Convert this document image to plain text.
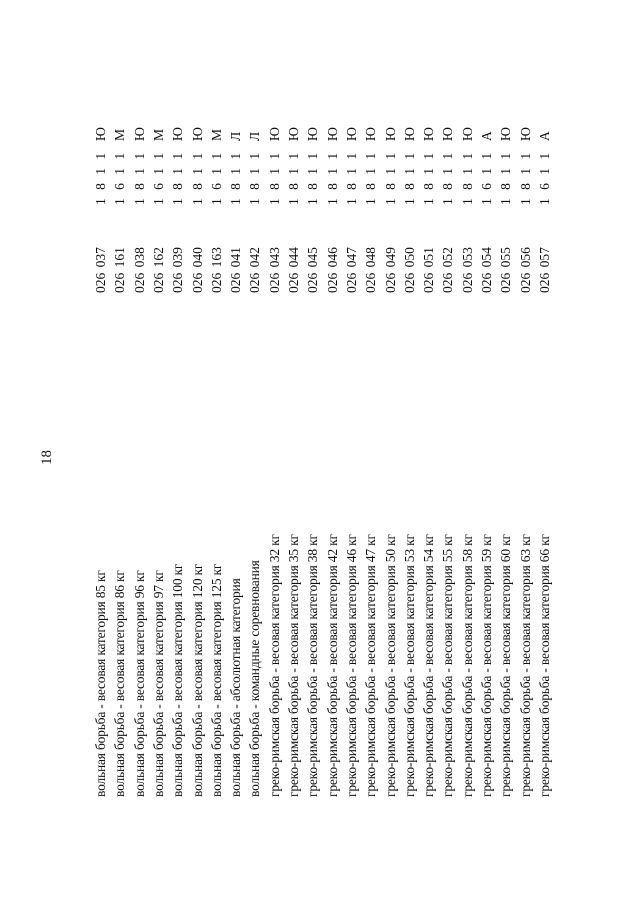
18
вольная борьба - весовая категория 85 кг
026 037
1 8 1 1
Ю
вольная борьба - весовая категория 86 кг
026 161
1 6 1 1
М
вольная борьба - весовая категория 96 кг
026 038
1 8 1 1
Ю
вольная борьба - весовая категория 97 кг
026 162
1 6 1 1
М
вольная борьба - весовая категория 100 кг
026 039
1 8 1 1
Ю
вольная борьба - весовая категория 120 кг
026 040
1 8 1 1
Ю
вольная борьба - весовая категория 125 кг
026 163
1 6 1 1
М
вольная борьба - абсолютная категория
026 041
1 8 1 1
Л
вольная борьба - командные соревнования
026 042
1 8 1 1
Л
греко-римская борьба - весовая категория 32 кг
026 043
1 8 1 1
Ю
греко-римская борьба - весовая категория 35 кг
026 044
1 8 1 1
Ю
греко-римская борьба - весовая категория 38 кг
026 045
1 8 1 1
Ю
греко-римская борьба - весовая категория 42 кг
026 046
1 8 1 1
Ю
греко-римская борьба - весовая категория 46 кг
026 047
1 8 1 1
Ю
греко-римская борьба - весовая категория 47 кг
026 048
1 8 1 1
Ю
греко-римская борьба - весовая категория 50 кг
026 049
1 8 1 1
Ю
греко-римская борьба - весовая категория 53 кг
026 050
1 8 1 1
Ю
греко-римская борьба - весовая категория 54 кг
026 051
1 8 1 1
Ю
греко-римская борьба - весовая категория 55 кг
026 052
1 8 1 1
Ю
греко-римская борьба - весовая категория 58 кг
026 053
1 8 1 1
Ю
греко-римская борьба - весовая категория 59 кг
026 054
1 6 1 1
А
греко-римская борьба - весовая категория 60 кг
026 055
1 8 1 1
Ю
греко-римская борьба - весовая категория 63 кг
026 056
1 8 1 1
Ю
греко-римская борьба - весовая категория 66 кг
026 057
1 6 1 1
А
